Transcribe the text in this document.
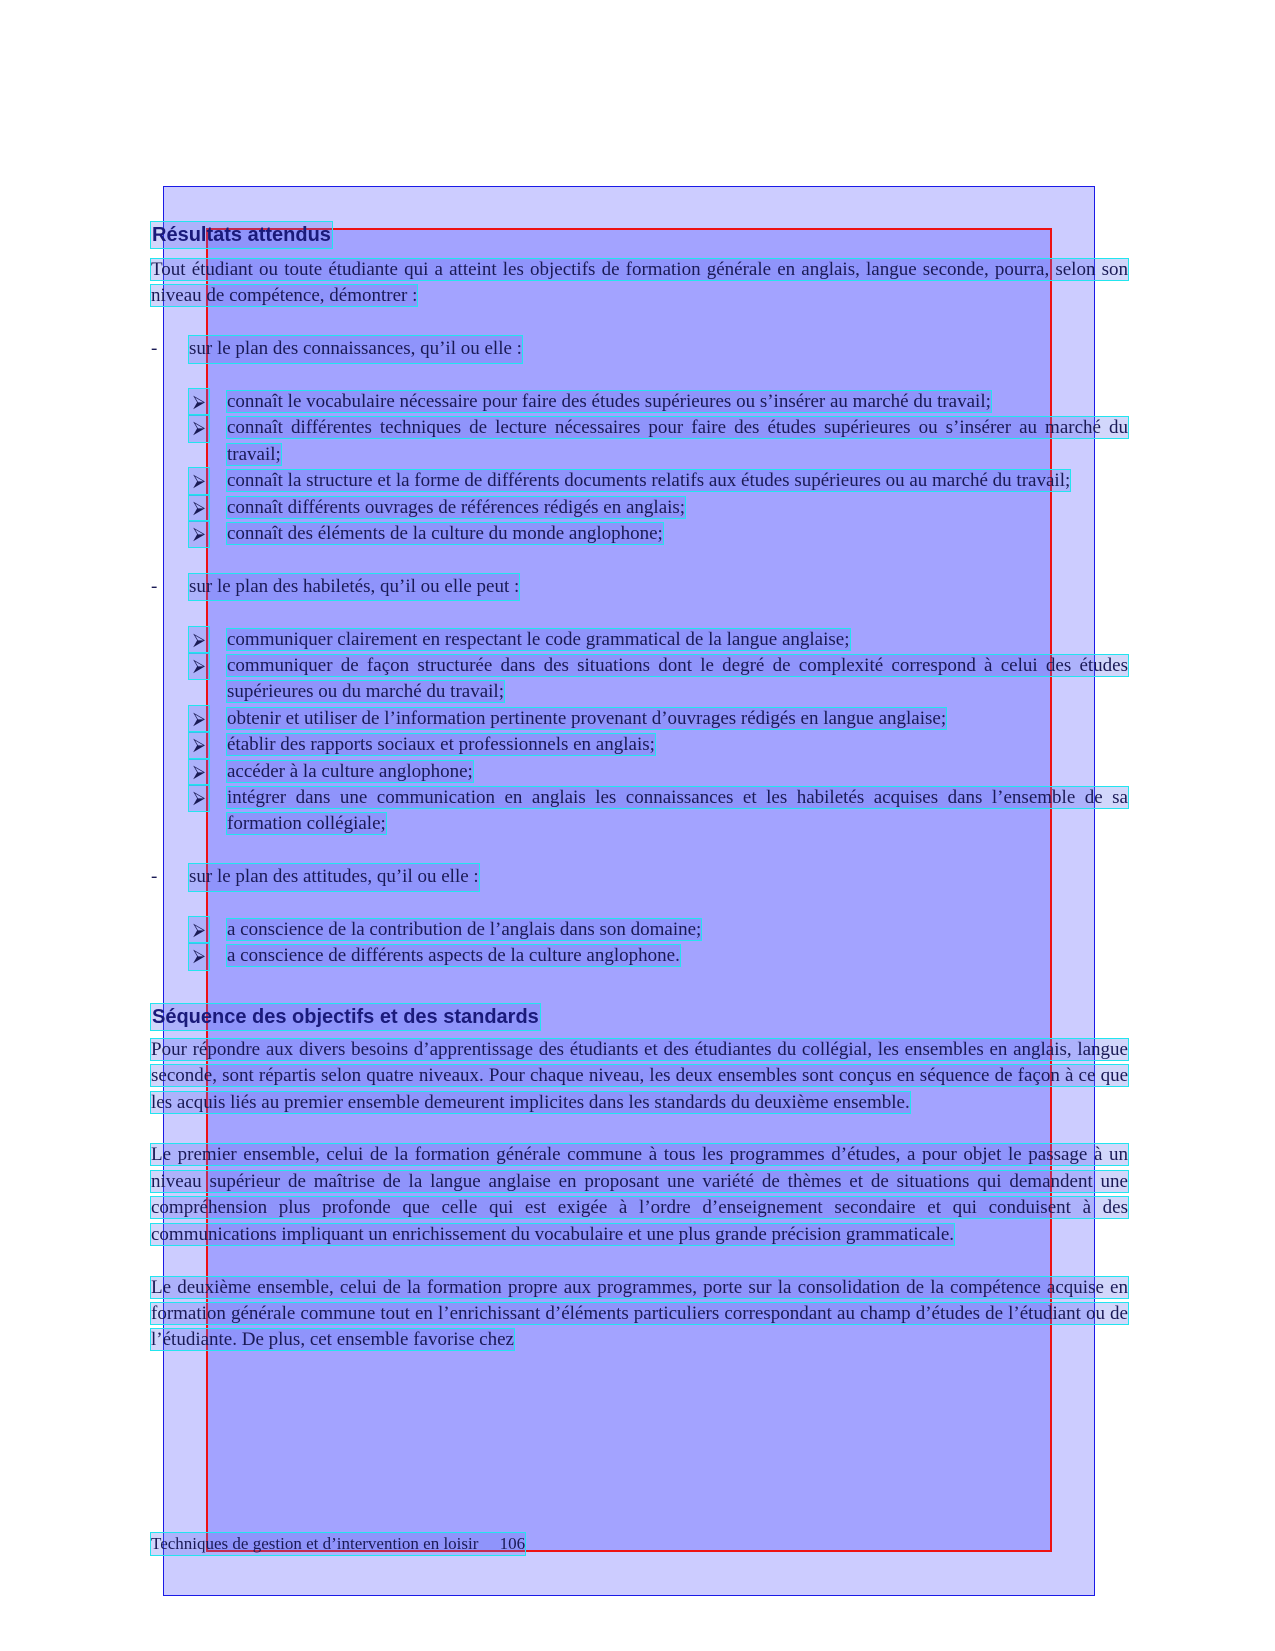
Résultats attendus

Tout étudiant ou toute étudiante qui a atteint les objectifs de formation générale en anglais, langue seconde, pourra, selon son niveau de compétence, démontrer :

-	sur le plan des connaissances, qu’il ou elle :
⮚	connaît le vocabulaire nécessaire pour faire des études supérieures ou s’insérer au marché du travail;
⮚	connaît différentes techniques de lecture nécessaires pour faire des études supérieures ou s’insérer au marché du travail;
⮚	connaît la structure et la forme de différents documents relatifs aux études supérieures ou au marché du travail;
⮚	connaît différents ouvrages de références rédigés en anglais;
⮚	connaît des éléments de la culture du monde anglophone;
-	sur le plan des habiletés, qu’il ou elle peut :
⮚	communiquer clairement en respectant le code grammatical de la langue anglaise;
⮚	communiquer de façon structurée dans des situations dont le degré de complexité correspond à celui des études supérieures ou du marché du travail;
⮚	obtenir et utiliser de l’information pertinente provenant d’ouvrages rédigés en langue anglaise;
⮚	établir des rapports sociaux et professionnels en anglais;
⮚	accéder à la culture anglophone;
⮚	intégrer dans une communication en anglais les connaissances et les habiletés acquises dans l’ensemble de sa formation collégiale;
-	sur le plan des attitudes, qu’il ou elle :
⮚	a conscience de la contribution de l’anglais dans son domaine;
⮚	a conscience de différents aspects de la culture anglophone.
Séquence des objectifs et des standards

Pour répondre aux divers besoins d’apprentissage des étudiants et des étudiantes du collégial, les ensembles en anglais, langue seconde, sont répartis selon quatre niveaux. Pour chaque niveau, les deux ensembles sont conçus en séquence de façon à ce que les acquis liés au premier ensemble demeurent implicites dans les standards du deuxième ensemble.

Le premier ensemble, celui de la formation générale commune à tous les programmes d’études, a pour objet le passage à un niveau supérieur de maîtrise de la langue anglaise en proposant une variété de thèmes et de situations qui demandent une compréhension plus profonde que celle qui est exigée à l’ordre d’enseignement secondaire et qui conduisent à des communications impliquant un enrichissement du vocabulaire et une plus grande précision grammaticale.

Le deuxième ensemble, celui de la formation propre aux programmes, porte sur la consolidation de la compétence acquise en formation générale commune tout en l’enrichissant d’éléments particuliers correspondant au champ d’études de l’étudiant ou de l’étudiante. De plus, cet ensemble favorise chez

Techniques de gestion et d’intervention en loisir     106
